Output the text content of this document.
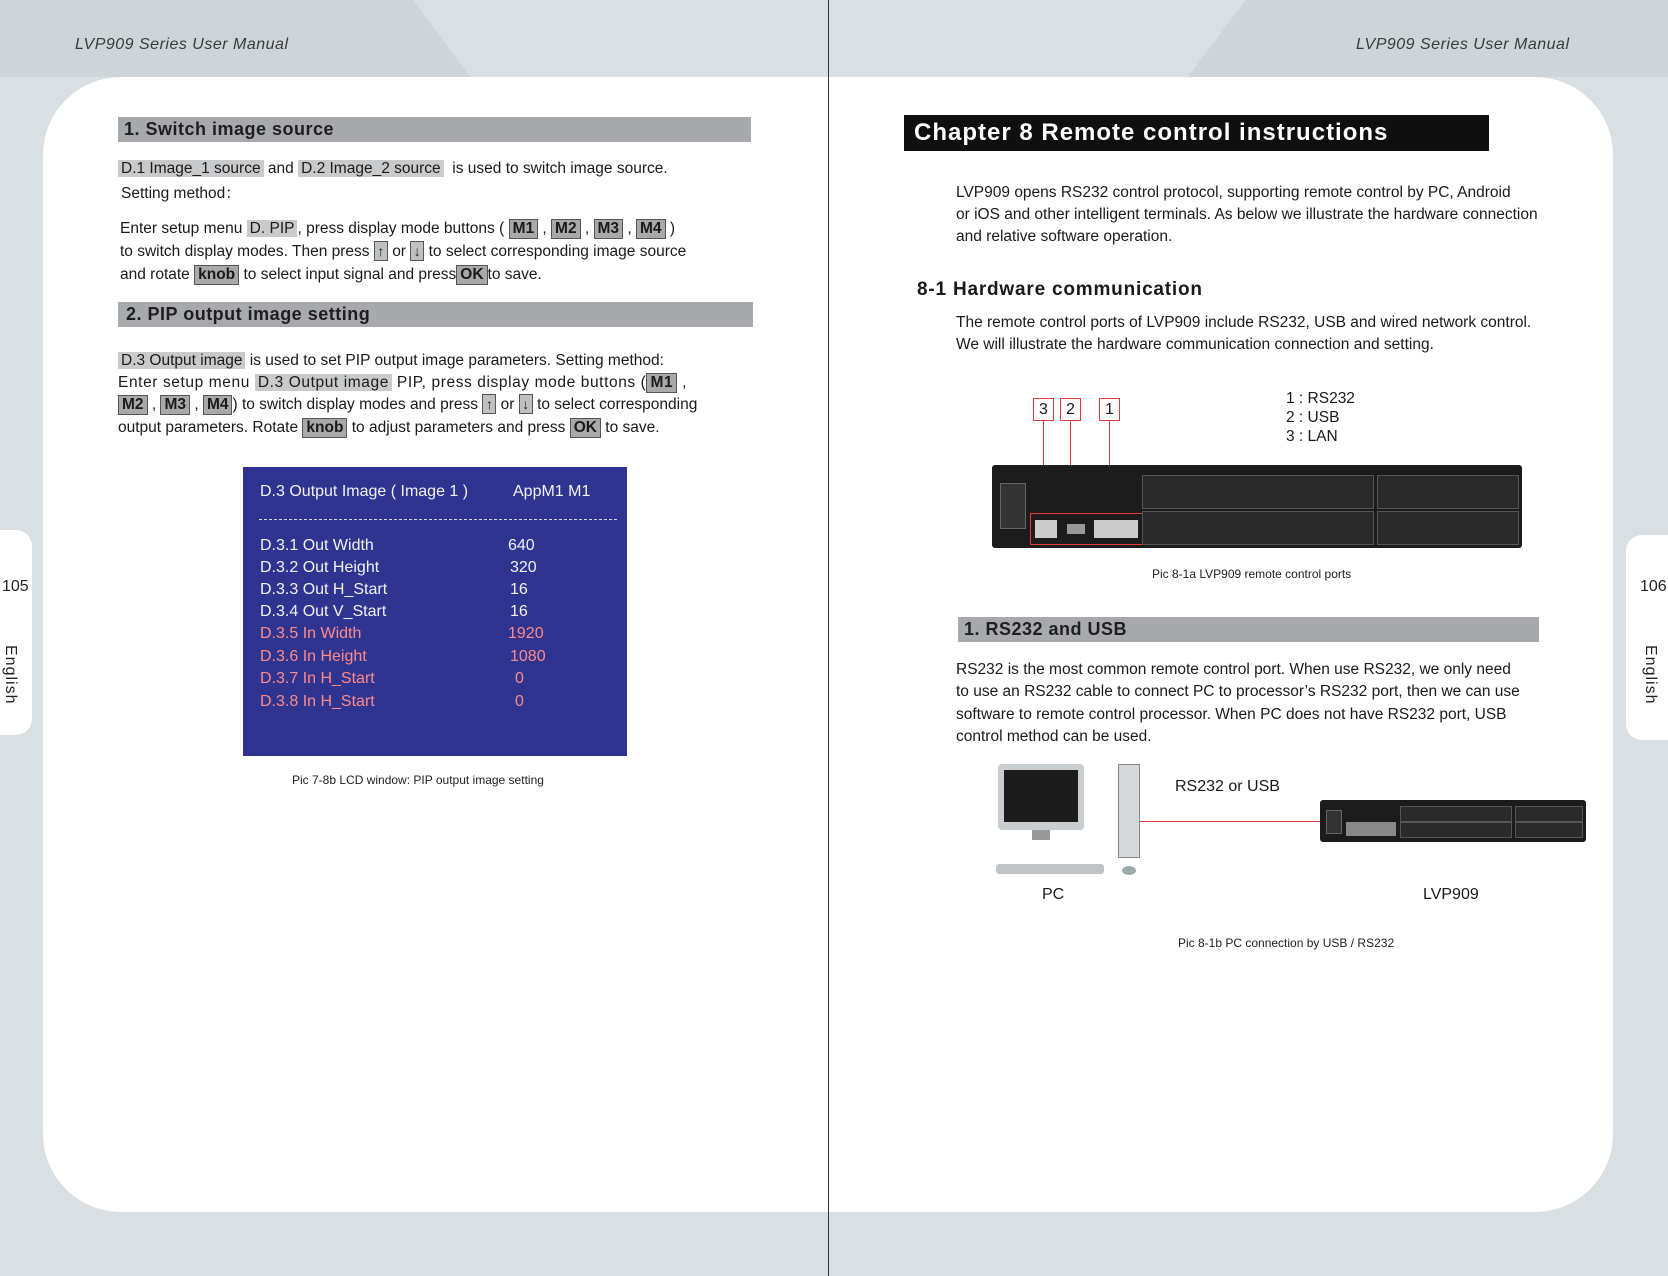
LVP909 Series User Manual	LVP909 Series User Manual
105
English
106
English
1. Switch image source
D.1 Image_1 source and D.2 Image_2 source is used to switch image source.
Setting method：
Enter setup menu D. PIP , press display mode buttons ( M1 , M2 , M3 , M4 )
to switch display modes. Then press ↑ or ↓ to select corresponding image source
and rotate knob to select input signal and press OK to save.
2. PIP output image setting
D.3 Output image is used to set PIP output image parameters. Setting method:
Enter setup menu D.3 Output image PIP, press display mode buttons ( M1 ,
M2 , M3 , M4 ) to switch display modes and press ↑ or ↓ to select corresponding
output parameters. Rotate knob to adjust parameters and press OK to save.
D.3 Output Image ( Image 1 )	AppM1 M1
D.3.1 Out Width	640
D.3.2 Out Height	320
D.3.3 Out H_Start	16
D.3.4 Out V_Start	16
D.3.5 In Width	1920
D.3.6 In Height	1080
D.3.7 In H_Start	0
D.3.8 In H_Start	0
Pic 7-8b LCD window: PIP output image setting
Chapter 8 Remote control instructions
LVP909 opens RS232 control protocol, supporting remote control by PC, Android
or iOS and other intelligent terminals. As below we illustrate the hardware connection
and relative software operation.
8-1 Hardware communication
The remote control ports of LVP909 include RS232, USB and wired network control.
We will illustrate the hardware communication connection and setting.
3	2	1
1 : RS232
2 : USB
3 : LAN
Pic 8-1a LVP909 remote control ports
1. RS232 and USB
RS232 is the most common remote control port. When use RS232, we only need
to use an RS232 cable to connect PC to processor’s RS232 port, then we can use
software to remote control processor. When PC does not have RS232 port, USB
control method can be used.
RS232 or USB
PC	LVP909
Pic 8-1b PC connection by USB / RS232
